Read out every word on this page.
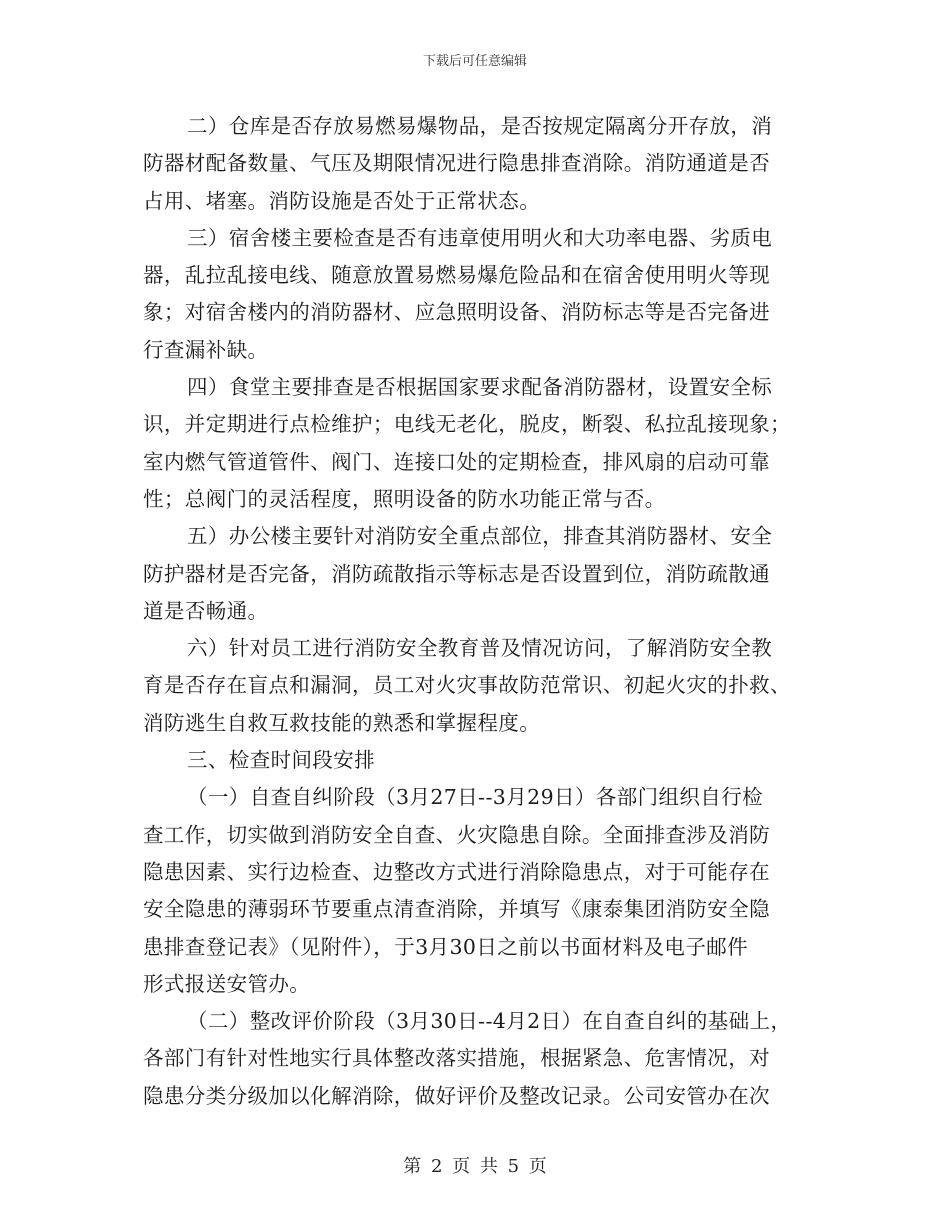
下载后可任意编辑
二）仓库是否存放易燃易爆物品，是否按规定隔离分开存放，消
防器材配备数量、气压及期限情况进行隐患排查消除。消防通道是否
占用、堵塞。消防设施是否处于正常状态。
三）宿舍楼主要检查是否有违章使用明火和大功率电器、劣质电
器，乱拉乱接电线、随意放置易燃易爆危险品和在宿舍使用明火等现
象；对宿舍楼内的消防器材、应急照明设备、消防标志等是否完备进
行查漏补缺。
四）食堂主要排查是否根据国家要求配备消防器材，设置安全标
识，并定期进行点检维护；电线无老化，脱皮，断裂、私拉乱接现象；
室内燃气管道管件、阀门、连接口处的定期检查，排风扇的启动可靠
性；总阀门的灵活程度，照明设备的防水功能正常与否。
五）办公楼主要针对消防安全重点部位，排查其消防器材、安全
防护器材是否完备，消防疏散指示等标志是否设置到位，消防疏散通
道是否畅通。
六）针对员工进行消防安全教育普及情况访问，了解消防安全教
育是否存在盲点和漏洞，员工对火灾事故防范常识、初起火灾的扑救、
消防逃生自救互救技能的熟悉和掌握程度。
三、检查时间段安排
（一）自查自纠阶段（3月27日--3月29日）各部门组织自行检
查工作，切实做到消防安全自查、火灾隐患自除。全面排查涉及消防
隐患因素、实行边检查、边整改方式进行消除隐患点，对于可能存在
安全隐患的薄弱环节要重点清查消除，并填写《康泰集团消防安全隐
患排查登记表》（见附件），于3月30日之前以书面材料及电子邮件
形式报送安管办。
（二）整改评价阶段（3月30日--4月2日）在自查自纠的基础上，
各部门有针对性地实行具体整改落实措施，根据紧急、危害情况，对
隐患分类分级加以化解消除，做好评价及整改记录。公司安管办在次
第 2 页 共 5 页
